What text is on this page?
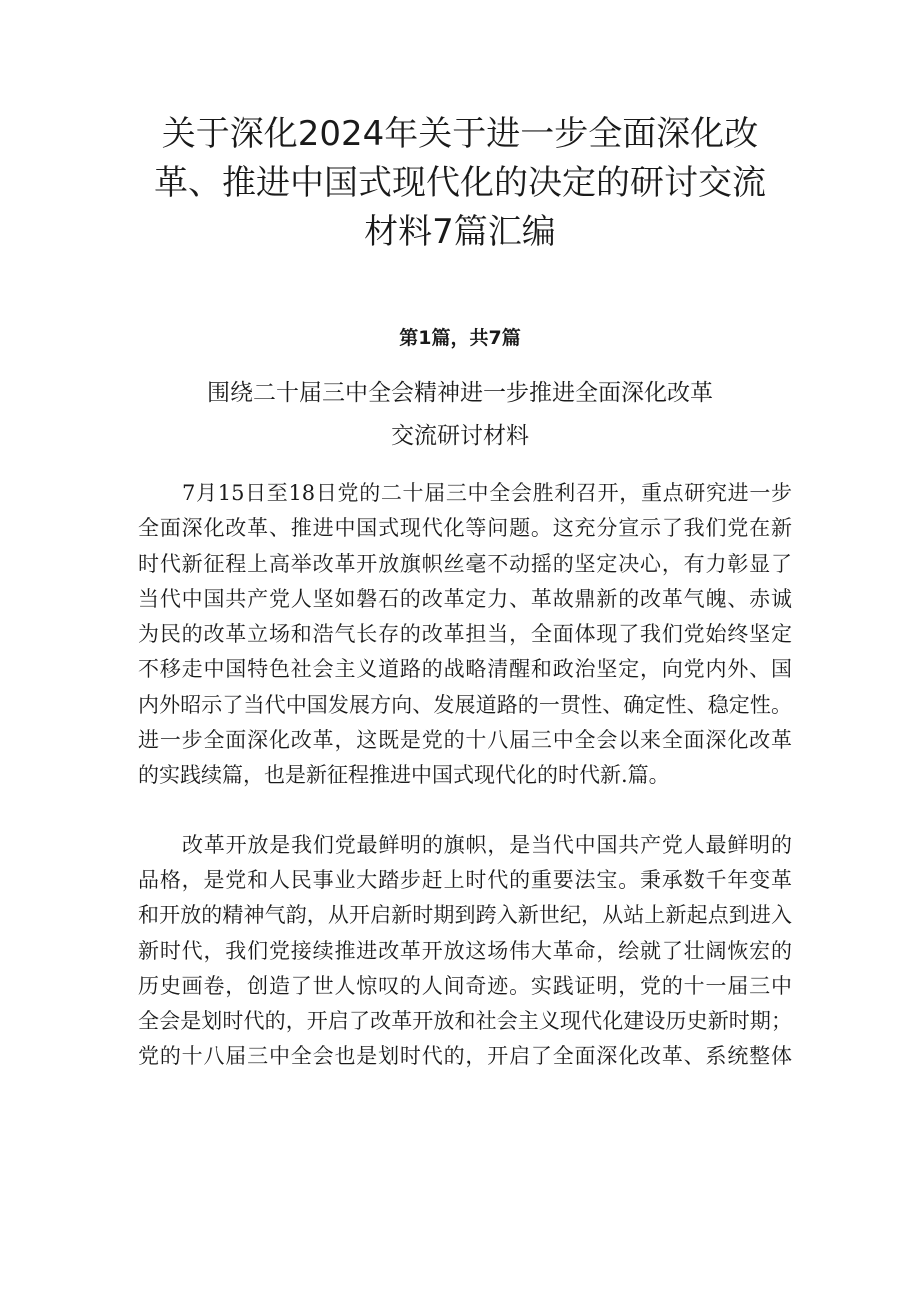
关于深化2024年关于进一步全面深化改
革、推进中国式现代化的决定的研讨交流
材料7篇汇编
第1篇，共7篇
围绕二十届三中全会精神进一步推进全面深化改革
交流研讨材料

7月15日至18日党的二十届三中全会胜利召开，重点研究进一步
全面深化改革、推进中国式现代化等问题。这充分宣示了我们党在新
时代新征程上高举改革开放旗帜丝毫不动摇的坚定决心，有力彰显了
当代中国共产党人坚如磐石的改革定力、革故鼎新的改革气魄、赤诚
为民的改革立场和浩气长存的改革担当，全面体现了我们党始终坚定
不移走中国特色社会主义道路的战略清醒和政治坚定，向党内外、国
内外昭示了当代中国发展方向、发展道路的一贯性、确定性、稳定性。
进一步全面深化改革，这既是党的十八届三中全会以来全面深化改革
的实践续篇，也是新征程推进中国式现代化的时代新.篇。

改革开放是我们党最鲜明的旗帜，是当代中国共产党人最鲜明的
品格，是党和人民事业大踏步赶上时代的重要法宝。秉承数千年变革
和开放的精神气韵，从开启新时期到跨入新世纪，从站上新起点到进入
新时代，我们党接续推进改革开放这场伟大革命，绘就了壮阔恢宏的
历史画卷，创造了世人惊叹的人间奇迹。实践证明，党的十一届三中
全会是划时代的，开启了改革开放和社会主义现代化建设历史新时期；
党的十八届三中全会也是划时代的，开启了全面深化改革、系统整体
